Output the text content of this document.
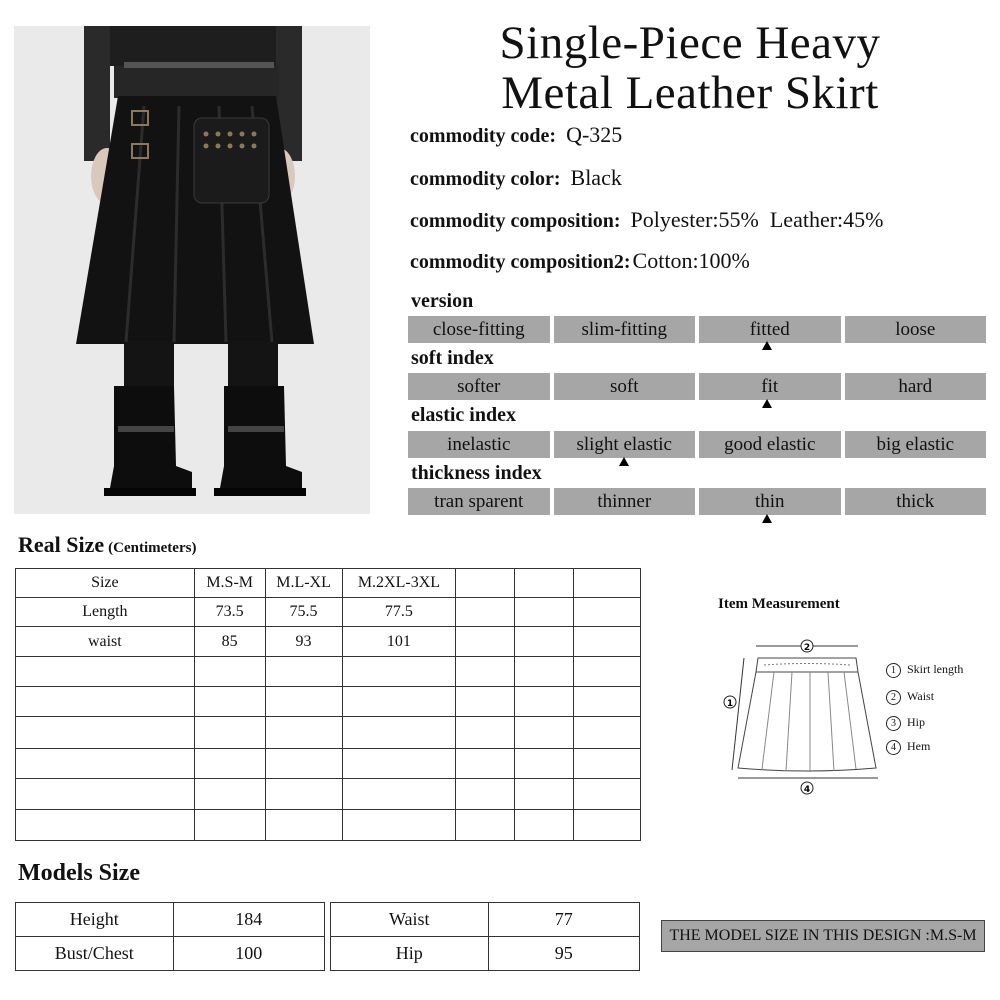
Single-Piece Heavy
Metal Leather Skirt
commodity code: Q-325
commodity color: Black
commodity composition: Polyester:55%  Leather:45%
commodity composition2:Cotton:100%
version
close-fitting	slim-fitting	fitted	loose
soft index
softer	soft	fit	hard
elastic index
inelastic	slight elastic	good elastic	big elastic
thickness index
tran sparent	thinner	thin	thick
Real Size (Centimeters)
Size	M.S-M	M.L-XL	M.2XL-3XL			
Length	73.5	75.5	77.5			
waist	85	93	101			

Item Measurement
2
1
4
1 Skirt length
2 Waist
3 Hip
4 Hem
Models Size
Height	184
Bust/Chest	100
Waist	77
Hip	95
THE MODEL SIZE IN THIS DESIGN :M.S-M
